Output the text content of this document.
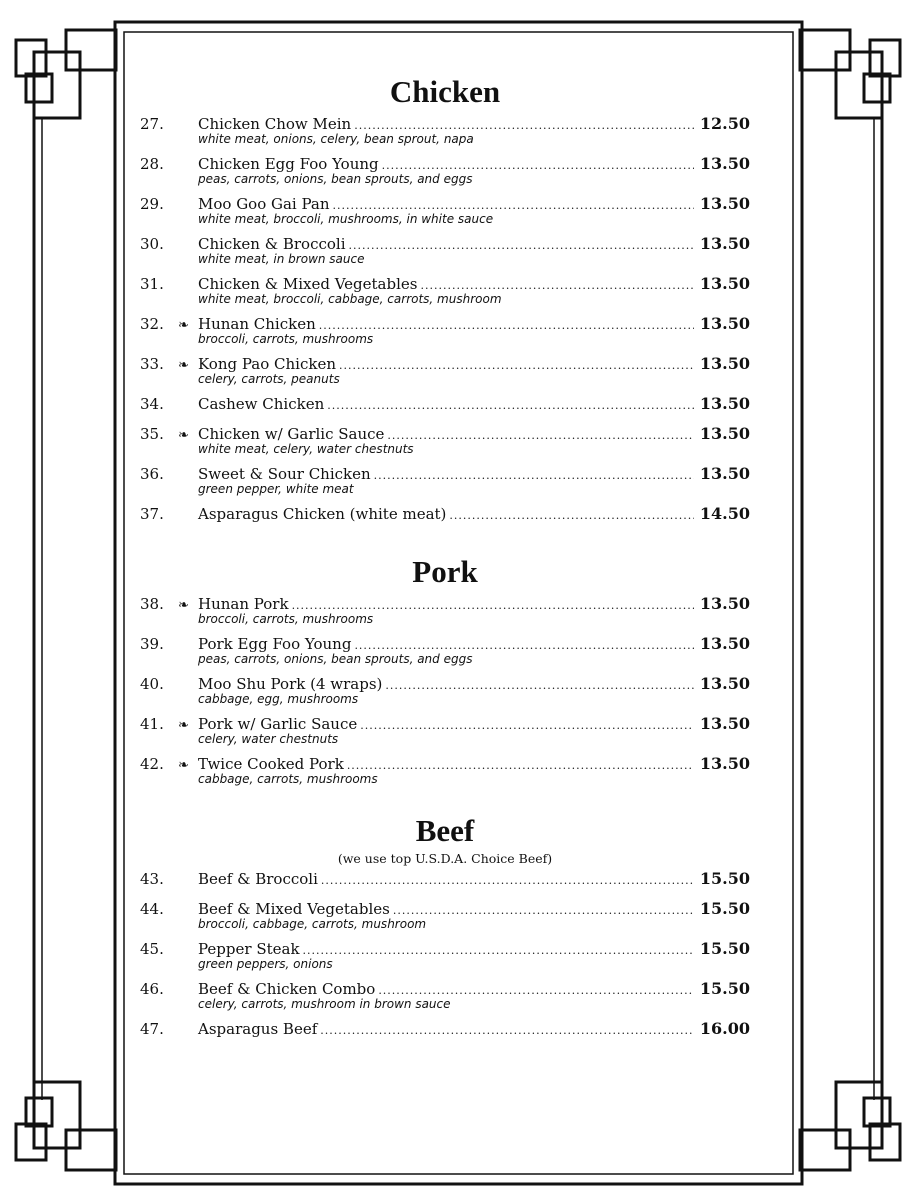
Chicken
27.	Chicken Chow Mein .....	12.50
white meat, onions, celery, bean sprout, napa
28.	Chicken Egg Foo Young .....	13.50
peas, carrots, onions, bean sprouts, and eggs
29.	Moo Goo Gai Pan .....	13.50
white meat, broccoli, mushrooms, in white sauce
30.	Chicken & Broccoli .....	13.50
white meat, in brown sauce
31.	Chicken & Mixed Vegetables .....	13.50
white meat, broccoli, cabbage, carrots, mushroom
32.	❧ Hunan Chicken .....	13.50
broccoli, carrots, mushrooms
33.	❧ Kong Pao Chicken .....	13.50
celery, carrots, peanuts
34.	Cashew Chicken .....	13.50
35.	❧ Chicken w/ Garlic Sauce .....	13.50
white meat, celery, water chestnuts
36.	Sweet & Sour Chicken .....	13.50
green pepper, white meat
37.	Asparagus Chicken (white meat) .....	14.50
Pork
38.	❧ Hunan Pork .....	13.50
broccoli, carrots, mushrooms
39.	Pork Egg Foo Young .....	13.50
peas, carrots, onions, bean sprouts, and eggs
40.	Moo Shu Pork (4 wraps) .....	13.50
cabbage, egg, mushrooms
41.	❧ Pork w/ Garlic Sauce .....	13.50
celery, water chestnuts
42.	❧ Twice Cooked Pork .....	13.50
cabbage, carrots, mushrooms
Beef
(we use top U.S.D.A. Choice Beef)
43.	Beef & Broccoli .....	15.50
44.	Beef & Mixed Vegetables .....	15.50
broccoli, cabbage, carrots, mushroom
45.	Pepper Steak .....	15.50
green peppers, onions
46.	Beef & Chicken Combo .....	15.50
celery, carrots, mushroom in brown sauce
47.	Asparagus Beef .....	16.00
